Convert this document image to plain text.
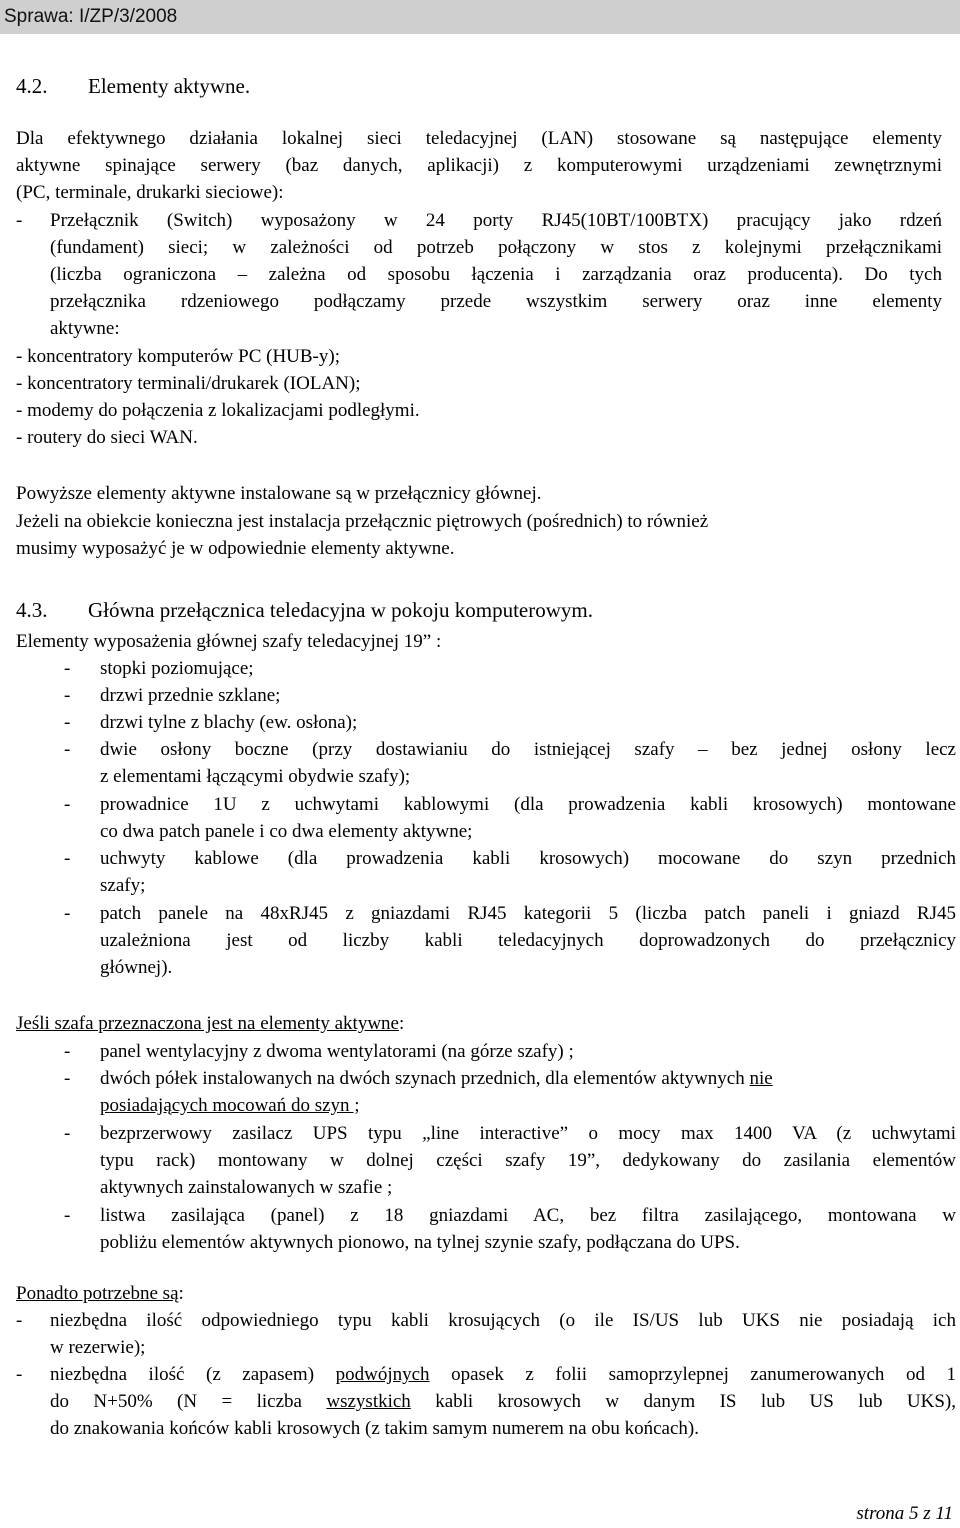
Sprawa: I/ZP/3/2008
4.2. Elementy aktywne.
Dla efektywnego działania lokalnej sieci teledacyjnej (LAN) stosowane są następujące elementy
aktywne spinające serwery (baz danych, aplikacji) z komputerowymi urządzeniami zewnętrznymi
(PC, terminale, drukarki sieciowe):
- Przełącznik (Switch) wyposażony w 24 porty RJ45(10BT/100BTX) pracujący jako rdzeń
(fundament) sieci; w zależności od potrzeb połączony w stos z kolejnymi przełącznikami
(liczba ograniczona – zależna od sposobu łączenia i zarządzania oraz producenta). Do tych
przełącznika rdzeniowego podłączamy przede wszystkim serwery oraz inne elementy
aktywne:
- koncentratory komputerów PC (HUB-y);
- koncentratory terminali/drukarek (IOLAN);
- modemy do połączenia z lokalizacjami podległymi.
- routery do sieci WAN.
Powyższe elementy aktywne instalowane są w przełącznicy głównej.
Jeżeli na obiekcie konieczna jest instalacja przełącznic piętrowych (pośrednich) to również
musimy wyposażyć je w odpowiednie elementy aktywne.
4.3. Główna przełącznica teledacyjna w pokoju komputerowym.
Elementy wyposażenia głównej szafy teledacyjnej 19” :
- stopki poziomujące;
- drzwi przednie szklane;
- drzwi tylne z blachy (ew. osłona);
- dwie osłony boczne (przy dostawianiu do istniejącej szafy – bez jednej osłony lecz
z elementami łączącymi obydwie szafy);
- prowadnice 1U z uchwytami kablowymi (dla prowadzenia kabli krosowych) montowane
co dwa patch panele i co dwa elementy aktywne;
- uchwyty kablowe (dla prowadzenia kabli krosowych) mocowane do szyn przednich
szafy;
- patch panele na 48xRJ45 z gniazdami RJ45 kategorii 5 (liczba patch paneli i gniazd RJ45
uzależniona jest od liczby kabli teledacyjnych doprowadzonych do przełącznicy
głównej).
Jeśli szafa przeznaczona jest na elementy aktywne:
- panel wentylacyjny z dwoma wentylatorami (na górze szafy) ;
- dwóch półek instalowanych na dwóch szynach przednich, dla elementów aktywnych nie
posiadających mocowań do szyn ;
- bezprzerwowy zasilacz UPS typu „line interactive” o mocy max 1400 VA (z uchwytami
typu rack) montowany w dolnej części szafy 19”, dedykowany do zasilania elementów
aktywnych zainstalowanych w szafie ;
- listwa zasilająca (panel) z 18 gniazdami AC, bez filtra zasilającego, montowana w
pobliżu elementów aktywnych pionowo, na tylnej szynie szafy, podłączana do UPS.
Ponadto potrzebne są:
- niezbędna ilość odpowiedniego typu kabli krosujących (o ile IS/US lub UKS nie posiadają ich
w rezerwie);
- niezbędna ilość (z zapasem) podwójnych opasek z folii samoprzylepnej zanumerowanych od 1
do N+50% (N = liczba wszystkich kabli krosowych w danym IS lub US lub UKS),
do znakowania końców kabli krosowych (z takim samym numerem na obu końcach).
strona 5 z 11
